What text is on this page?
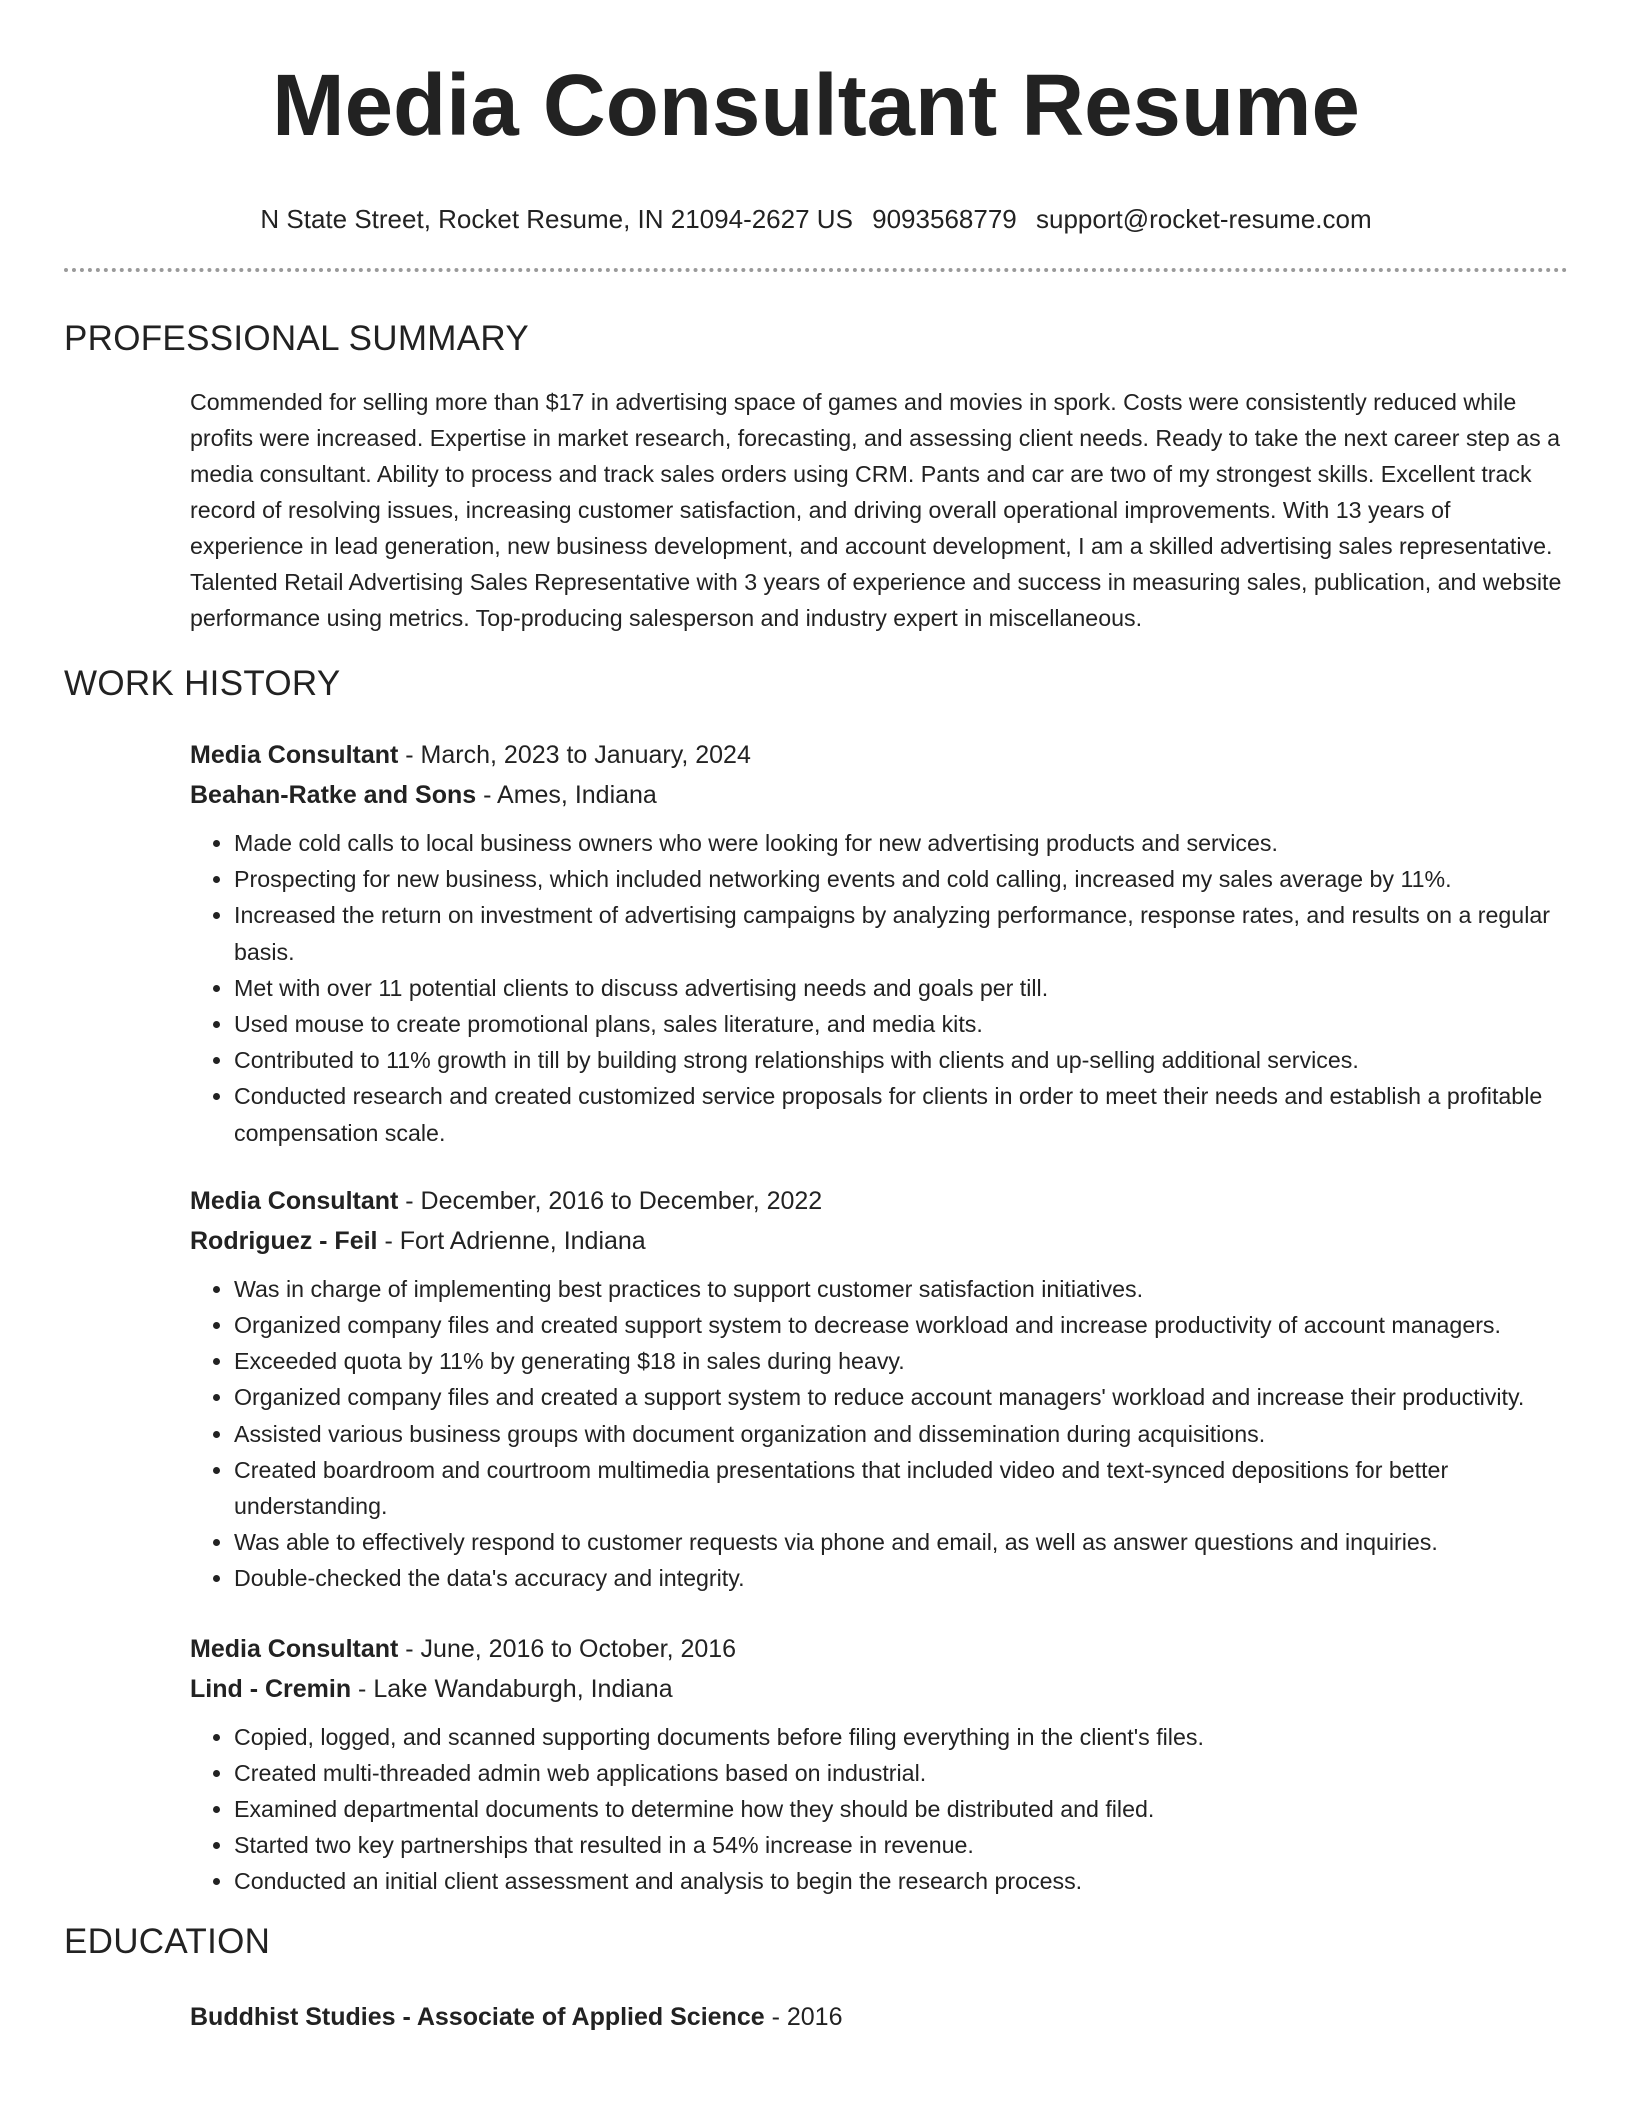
Media Consultant Resume
N State Street, Rocket Resume, IN 21094-2627 US 9093568779 support@rocket-resume.com
PROFESSIONAL SUMMARY

Commended for selling more than $17 in advertising space of games and movies in spork. Costs were consistently reduced while profits were increased. Expertise in market research, forecasting, and assessing client needs. Ready to take the next career step as a media consultant. Ability to process and track sales orders using CRM. Pants and car are two of my strongest skills. Excellent track record of resolving issues, increasing customer satisfaction, and driving overall operational improvements. With 13 years of experience in lead generation, new business development, and account development, I am a skilled advertising sales representative. Talented Retail Advertising Sales Representative with 3 years of experience and success in measuring sales, publication, and website performance using metrics. Top-producing salesperson and industry expert in miscellaneous.

WORK HISTORY
Media Consultant - March, 2023 to January, 2024
Beahan-Ratke and Sons - Ames, Indiana
• Made cold calls to local business owners who were looking for new advertising products and services.
• Prospecting for new business, which included networking events and cold calling, increased my sales average by 11%.
• Increased the return on investment of advertising campaigns by analyzing performance, response rates, and results on a regular basis.
• Met with over 11 potential clients to discuss advertising needs and goals per till.
• Used mouse to create promotional plans, sales literature, and media kits.
• Contributed to 11% growth in till by building strong relationships with clients and up-selling additional services.
• Conducted research and created customized service proposals for clients in order to meet their needs and establish a profitable compensation scale.
Media Consultant - December, 2016 to December, 2022
Rodriguez - Feil - Fort Adrienne, Indiana
• Was in charge of implementing best practices to support customer satisfaction initiatives.
• Organized company files and created support system to decrease workload and increase productivity of account managers.
• Exceeded quota by 11% by generating $18 in sales during heavy.
• Organized company files and created a support system to reduce account managers' workload and increase their productivity.
• Assisted various business groups with document organization and dissemination during acquisitions.
• Created boardroom and courtroom multimedia presentations that included video and text-synced depositions for better understanding.
• Was able to effectively respond to customer requests via phone and email, as well as answer questions and inquiries.
• Double-checked the data's accuracy and integrity.
Media Consultant - June, 2016 to October, 2016
Lind - Cremin - Lake Wandaburgh, Indiana
• Copied, logged, and scanned supporting documents before filing everything in the client's files.
• Created multi-threaded admin web applications based on industrial.
• Examined departmental documents to determine how they should be distributed and filed.
• Started two key partnerships that resulted in a 54% increase in revenue.
• Conducted an initial client assessment and analysis to begin the research process.
EDUCATION
Buddhist Studies - Associate of Applied Science - 2016
